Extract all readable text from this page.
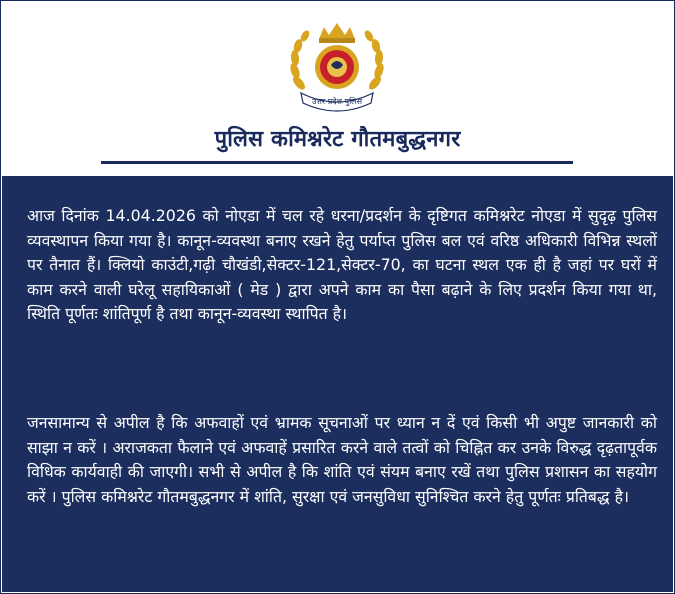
उत्तर प्रदेश पुलिस
पुलिस कमिश्नरेट गौतमबुद्धनगर

आज दिनांक 14.04.2026 को नोएडा में चल रहे धरना/प्रदर्शन के दृष्टिगत कमिश्नरेट नोएडा में सुदृढ़ पुलिस व्यवस्थापन किया गया है। कानून-व्यवस्था बनाए रखने हेतु पर्याप्त पुलिस बल एवं वरिष्ठ अधिकारी विभिन्न स्थलों पर तैनात हैं। क्लियो काउंटी,गढ़ी चौखंडी,सेक्टर-121,सेक्टर-70, का घटना स्थल एक ही है जहां पर घरों में काम करने वाली घरेलू सहायिकाओं ( मेड ) द्वारा अपने काम का पैसा बढ़ाने के लिए प्रदर्शन किया गया था, स्थिति पूर्णतः शांतिपूर्ण है तथा कानून-व्यवस्था स्थापित है।

जनसामान्य से अपील है कि अफवाहों एवं भ्रामक सूचनाओं पर ध्यान न दें एवं किसी भी अपुष्ट जानकारी को साझा न करें । अराजकता फैलाने एवं अफवाहें प्रसारित करने वाले तत्वों को चिह्नित कर उनके विरुद्ध दृढ़तापूर्वक विधिक कार्यवाही की जाएगी। सभी से अपील है कि शांति एवं संयम बनाए रखें तथा पुलिस प्रशासन का सहयोग करें । पुलिस कमिश्नरेट गौतमबुद्धनगर में शांति, सुरक्षा एवं जनसुविधा सुनिश्चित करने हेतु पूर्णतः प्रतिबद्ध है।
